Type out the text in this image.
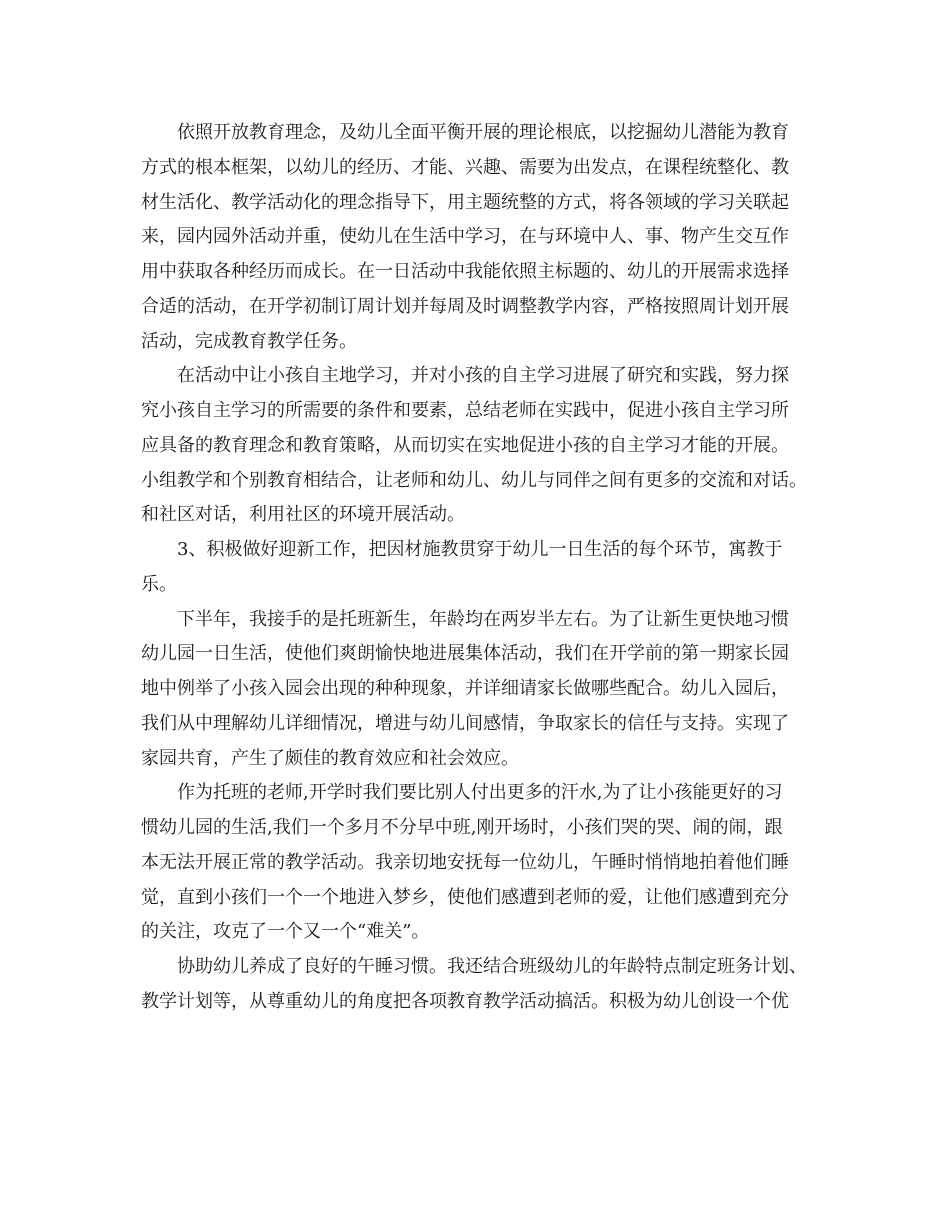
依照开放教育理念，及幼儿全面平衡开展的理论根底，以挖掘幼儿潜能为教育
方式的根本框架，以幼儿的经历、才能、兴趣、需要为出发点，在课程统整化、教
材生活化、教学活动化的理念指导下，用主题统整的方式，将各领域的学习关联起
来，园内园外活动并重，使幼儿在生活中学习，在与环境中人、事、物产生交互作
用中获取各种经历而成长。在一日活动中我能依照主标题的、幼儿的开展需求选择
合适的活动，在开学初制订周计划并每周及时调整教学内容，严格按照周计划开展
活动，完成教育教学任务。
在活动中让小孩自主地学习，并对小孩的自主学习进展了研究和实践，努力探
究小孩自主学习的所需要的条件和要素，总结老师在实践中，促进小孩自主学习所
应具备的教育理念和教育策略，从而切实在实地促进小孩的自主学习才能的开展。
小组教学和个别教育相结合，让老师和幼儿、幼儿与同伴之间有更多的交流和对话。
和社区对话，利用社区的环境开展活动。
3、积极做好迎新工作，把因材施教贯穿于幼儿一日生活的每个环节，寓教于
乐。
下半年，我接手的是托班新生，年龄均在两岁半左右。为了让新生更快地习惯
幼儿园一日生活，使他们爽朗愉快地进展集体活动，我们在开学前的第一期家长园
地中例举了小孩入园会出现的种种现象，并详细请家长做哪些配合。幼儿入园后，
我们从中理解幼儿详细情况，增进与幼儿间感情，争取家长的信任与支持。实现了
家园共育，产生了颇佳的教育效应和社会效应。
作为托班的老师,开学时我们要比别人付出更多的汗水,为了让小孩能更好的习
惯幼儿园的生活,我们一个多月不分早中班,刚开场时，小孩们哭的哭、闹的闹，跟
本无法开展正常的教学活动。我亲切地安抚每一位幼儿，午睡时悄悄地拍着他们睡
觉，直到小孩们一个一个地进入梦乡，使他们感遭到老师的爱，让他们感遭到充分
的关注，攻克了一个又一个“难关”。
协助幼儿养成了良好的午睡习惯。我还结合班级幼儿的年龄特点制定班务计划、
教学计划等，从尊重幼儿的角度把各项教育教学活动搞活。积极为幼儿创设一个优
